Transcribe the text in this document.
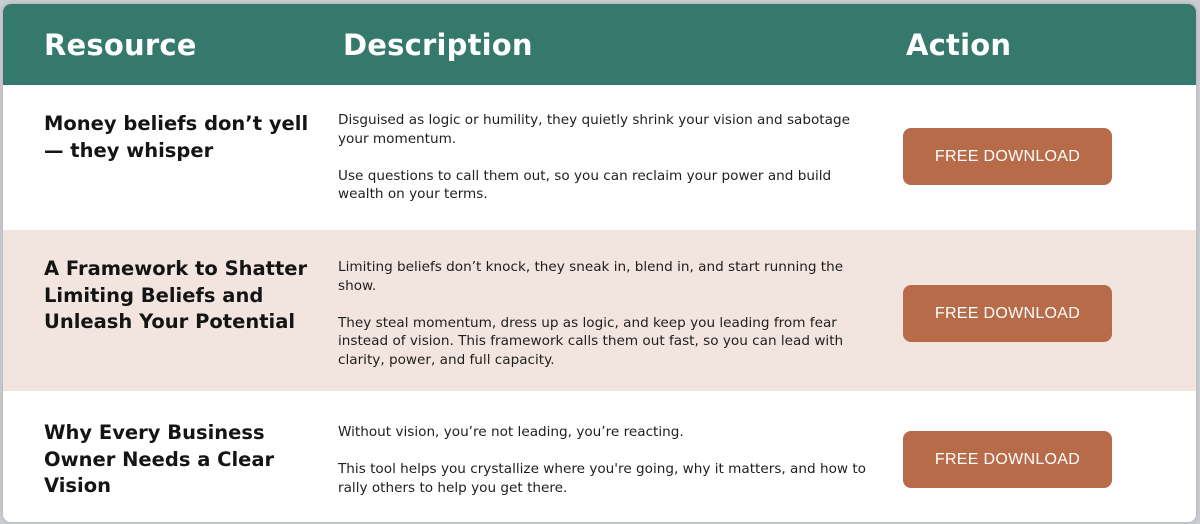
Resource	Description	Action
Money beliefs don’t yell — they whisper

Disguised as logic or humility, they quietly shrink your vision and sabotage your momentum.

Use questions to call them out, so you can reclaim your power and build wealth on your terms.

FREE DOWNLOAD
A Framework to Shatter Limiting Beliefs and Unleash Your Potential

Limiting beliefs don’t knock, they sneak in, blend in, and start running the show.

They steal momentum, dress up as logic, and keep you leading from fear instead of vision. This framework calls them out fast, so you can lead with clarity, power, and full capacity.

FREE DOWNLOAD
Why Every Business Owner Needs a Clear Vision

Without vision, you’re not leading, you’re reacting.

This tool helps you crystallize where you're going, why it matters, and how to rally others to help you get there.

FREE DOWNLOAD
